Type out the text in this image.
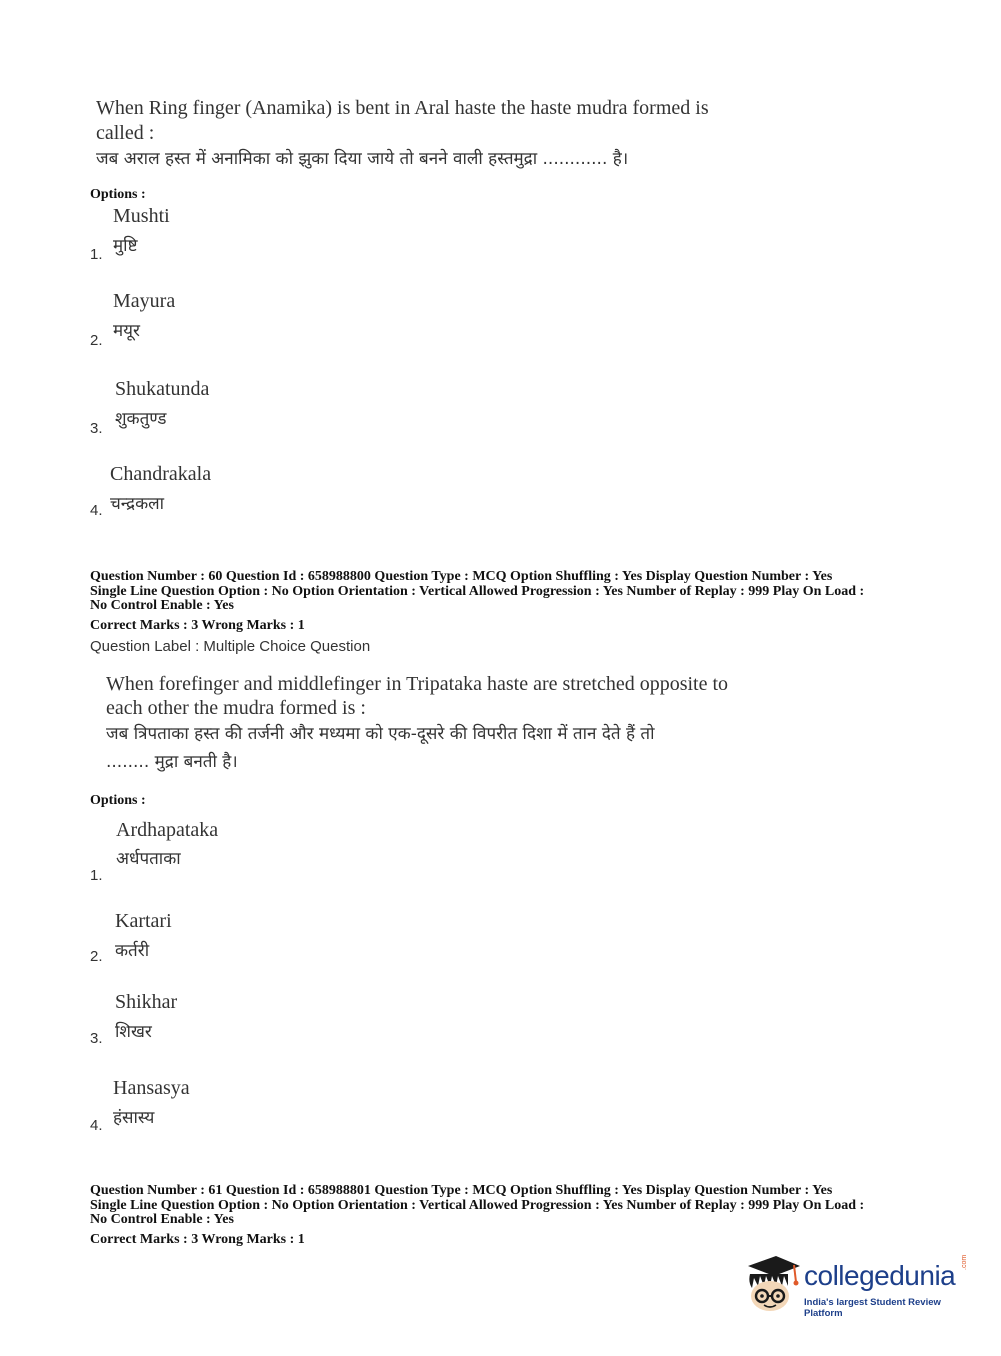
When Ring finger (Anamika) is bent in Aral haste the haste mudra formed is
called :
जब अराल हस्त में अनामिका को झुका दिया जाये तो बनने वाली हस्तमुद्रा ............ है।
Options :
Mushti
मुष्टि
1.
Mayura
मयूर
2.
Shukatunda
शुकतुण्ड
3.
Chandrakala
चन्द्रकला
4.
Question Number : 60 Question Id : 658988800 Question Type : MCQ Option Shuffling : Yes Display Question Number : Yes
Single Line Question Option : No Option Orientation : Vertical Allowed Progression : Yes Number of Replay : 999 Play On Load :
No Control Enable : Yes
Correct Marks : 3 Wrong Marks : 1
Question Label : Multiple Choice Question
When forefinger and middlefinger in Tripataka haste are stretched opposite to
each other the mudra formed is :
जब त्रिपताका हस्त की तर्जनी और मध्यमा को एक-दूसरे की विपरीत दिशा में तान देते हैं तो
........ मुद्रा बनती है।
Options :
Ardhapataka
अर्धपताका
1.
Kartari
कर्तरी
2.
Shikhar
शिखर
3.
Hansasya
हंसास्य
4.
Question Number : 61 Question Id : 658988801 Question Type : MCQ Option Shuffling : Yes Display Question Number : Yes
Single Line Question Option : No Option Orientation : Vertical Allowed Progression : Yes Number of Replay : 999 Play On Load :
No Control Enable : Yes
Correct Marks : 3 Wrong Marks : 1
collegedunia .com
India's largest Student Review Platform
